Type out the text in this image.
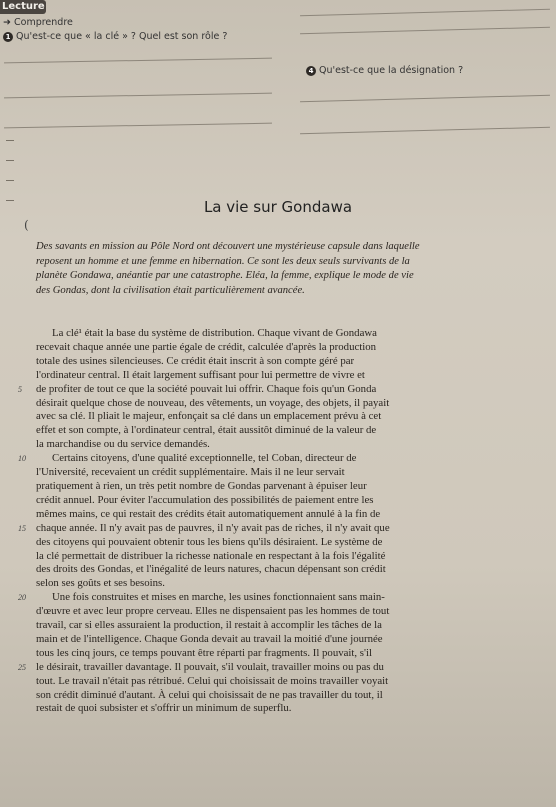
Lecture
➜ Comprendre
1 Qu'est-ce que « la clé » ? Quel est son rôle ?
4 Qu'est-ce que la désignation ?
La vie sur Gondawa
(

Des savants en mission au Pôle Nord ont découvert une mystérieuse capsule dans laquelle

reposent un homme et une femme en hibernation. Ce sont les deux seuls survivants de la

planète Gondawa, anéantie par une catastrophe. Eléa, la femme, explique le mode de vie

des Gondas, dont la civilisation était particulièrement avancée.

La clé¹ était la base du système de distribution. Chaque vivant de Gondawa
recevait chaque année une partie égale de crédit, calculée d'après la production
totale des usines silencieuses. Ce crédit était inscrit à son compte géré par
l'ordinateur central. Il était largement suffisant pour lui permettre de vivre et
5 de profiter de tout ce que la société pouvait lui offrir. Chaque fois qu'un Gonda
désirait quelque chose de nouveau, des vêtements, un voyage, des objets, il payait
avec sa clé. Il pliait le majeur, enfonçait sa clé dans un emplacement prévu à cet
effet et son compte, à l'ordinateur central, était aussitôt diminué de la valeur de
la marchandise ou du service demandés.
10 Certains citoyens, d'une qualité exceptionnelle, tel Coban, directeur de
l'Université, recevaient un crédit supplémentaire. Mais il ne leur servait
pratiquement à rien, un très petit nombre de Gondas parvenant à épuiser leur
crédit annuel. Pour éviter l'accumulation des possibilités de paiement entre les
mêmes mains, ce qui restait des crédits était automatiquement annulé à la fin de
15 chaque année. Il n'y avait pas de pauvres, il n'y avait pas de riches, il n'y avait que
des citoyens qui pouvaient obtenir tous les biens qu'ils désiraient. Le système de
la clé permettait de distribuer la richesse nationale en respectant à la fois l'égalité
des droits des Gondas, et l'inégalité de leurs natures, chacun dépensant son crédit
selon ses goûts et ses besoins.
20 Une fois construites et mises en marche, les usines fonctionnaient sans main-
d'œuvre et avec leur propre cerveau. Elles ne dispensaient pas les hommes de tout
travail, car si elles assuraient la production, il restait à accomplir les tâches de la
main et de l'intelligence. Chaque Gonda devait au travail la moitié d'une journée
tous les cinq jours, ce temps pouvant être réparti par fragments. Il pouvait, s'il
25 le désirait, travailler davantage. Il pouvait, s'il voulait, travailler moins ou pas du
tout. Le travail n'était pas rétribué. Celui qui choisissait de moins travailler voyait
son crédit diminué d'autant. À celui qui choisissait de ne pas travailler du tout, il
restait de quoi subsister et s'offrir un minimum de superflu.
